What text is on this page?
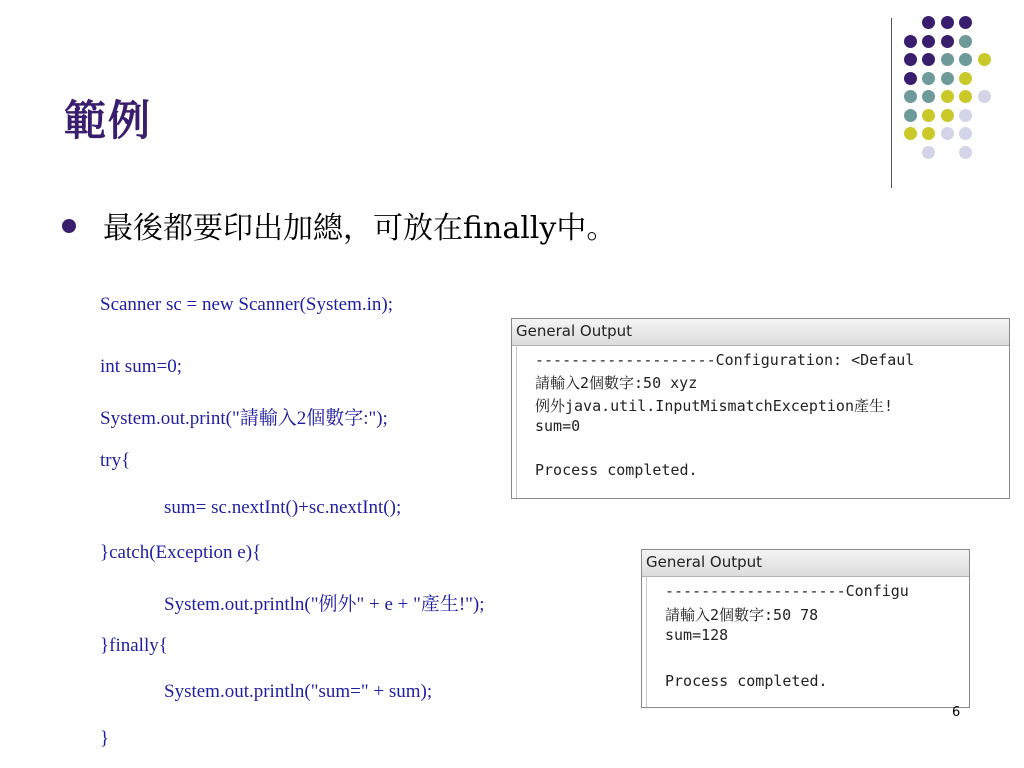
範例
最後都要印出加總，可放在finally中。
Scanner sc = new Scanner(System.in);
int sum=0;
System.out.print("請輸入2個數字:");
try{
sum= sc.nextInt()+sc.nextInt();
}catch(Exception e){
System.out.println("例外" + e + "產生!");
}finally{
System.out.println("sum=" + sum);
}
General Output
--------------------Configuration: <Defaul
請輸入2個數字:50 xyz
例外java.util.InputMismatchException產生!
sum=0
Process completed.
General Output
--------------------Configu
請輸入2個數字:50 78
sum=128
Process completed.
6
